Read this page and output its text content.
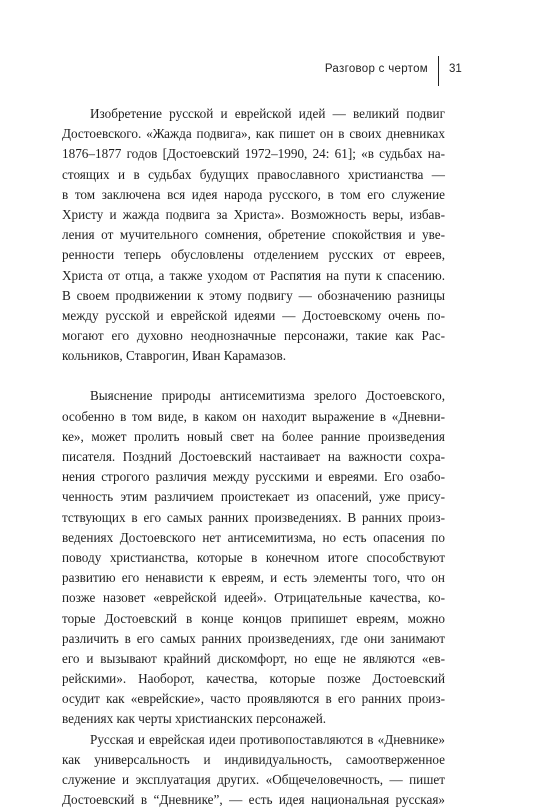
Разговор с чертом 31
Изобретение русской и еврейской идей — великий подвиг
Достоевского. «Жажда подвига», как пишет он в своих дневниках
1876–1877 годов [Достоевский 1972–1990, 24: 61]; «в судьбах на-
стоящих и в судьбах будущих православного христианства —
в том заключена вся идея народа русского, в том его служение
Христу и жажда подвига за Христа». Возможность веры, избав-
ления от мучительного сомнения, обретение спокойствия и уве-
ренности теперь обусловлены отделением русских от евреев,
Христа от отца, а также уходом от Распятия на пути к спасению.
В своем продвижении к этому подвигу — обозначению разницы
между русской и еврейской идеями — Достоевскому очень по-
могают его духовно неоднозначные персонажи, такие как Рас-
кольников, Ставрогин, Иван Карамазов.
Выяснение природы антисемитизма зрелого Достоевского,
особенно в том виде, в каком он находит выражение в «Дневни-
ке», может пролить новый свет на более ранние произведения
писателя. Поздний Достоевский настаивает на важности сохра-
нения строгого различия между русскими и евреями. Его озабо-
ченность этим различием проистекает из опасений, уже прису-
тствующих в его самых ранних произведениях. В ранних произ-
ведениях Достоевского нет антисемитизма, но есть опасения по
поводу христианства, которые в конечном итоге способствуют
развитию его ненависти к евреям, и есть элементы того, что он
позже назовет «еврейской идеей». Отрицательные качества, ко-
торые Достоевский в конце концов припишет евреям, можно
различить в его самых ранних произведениях, где они занимают
его и вызывают крайний дискомфорт, но еще не являются «ев-
рейскими». Наоборот, качества, которые позже Достоевский
осудит как «еврейские», часто проявляются в его ранних произ-
ведениях как черты христианских персонажей.
Русская и еврейская идеи противопоставляются в «Дневнике»
как универсальность и индивидуальность, самоотверженное
служение и эксплуатация других. «Общечеловечность, — пишет
Достоевский в “Дневнике”, — есть идея национальная русская»
